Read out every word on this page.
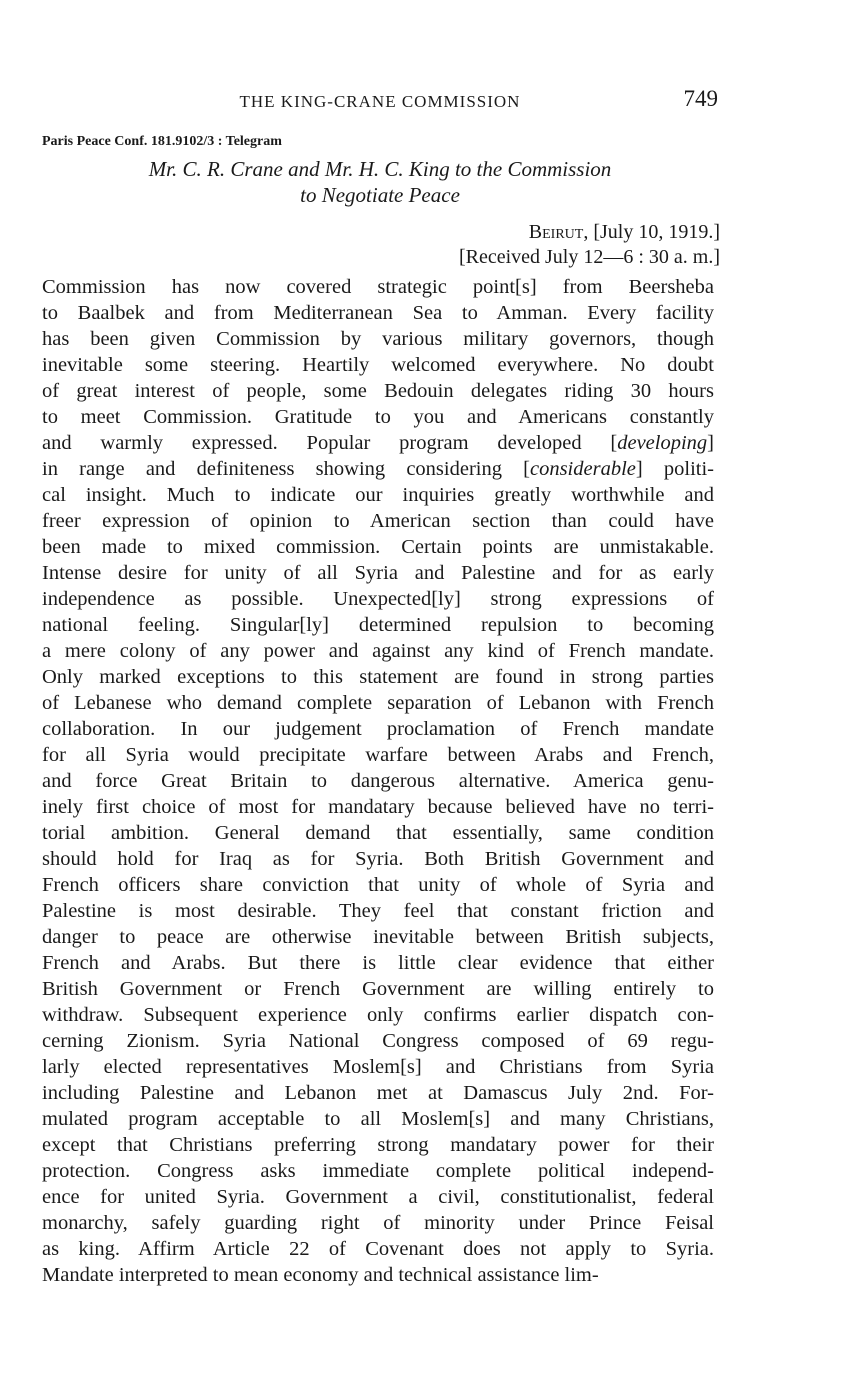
THE KING-CRANE COMMISSION	749
Paris Peace Conf. 181.9102/3 : Telegram
Mr. C. R. Crane and Mr. H. C. King to the Commission
to Negotiate Peace
Beirut, [July 10, 1919.]
[Received July 12—6 : 30 a. m.]
Commission has now covered strategic point[s] from Beersheba
to Baalbek and from Mediterranean Sea to Amman. Every facility
has been given Commission by various military governors, though
inevitable some steering. Heartily welcomed everywhere. No doubt
of great interest of people, some Bedouin delegates riding 30 hours
to meet Commission. Gratitude to you and Americans constantly
and warmly expressed. Popular program developed [developing]
in range and definiteness showing considering [considerable] politi-
cal insight. Much to indicate our inquiries greatly worthwhile and
freer expression of opinion to American section than could have
been made to mixed commission. Certain points are unmistakable.
Intense desire for unity of all Syria and Palestine and for as early
independence as possible. Unexpected[ly] strong expressions of
national feeling. Singular[ly] determined repulsion to becoming
a mere colony of any power and against any kind of French mandate.
Only marked exceptions to this statement are found in strong parties
of Lebanese who demand complete separation of Lebanon with French
collaboration. In our judgement proclamation of French mandate
for all Syria would precipitate warfare between Arabs and French,
and force Great Britain to dangerous alternative. America genu-
inely first choice of most for mandatary because believed have no terri-
torial ambition. General demand that essentially, same condition
should hold for Iraq as for Syria. Both British Government and
French officers share conviction that unity of whole of Syria and
Palestine is most desirable. They feel that constant friction and
danger to peace are otherwise inevitable between British subjects,
French and Arabs. But there is little clear evidence that either
British Government or French Government are willing entirely to
withdraw. Subsequent experience only confirms earlier dispatch con-
cerning Zionism. Syria National Congress composed of 69 regu-
larly elected representatives Moslem[s] and Christians from Syria
including Palestine and Lebanon met at Damascus July 2nd. For-
mulated program acceptable to all Moslem[s] and many Christians,
except that Christians preferring strong mandatary power for their
protection. Congress asks immediate complete political independ-
ence for united Syria. Government a civil, constitutionalist, federal
monarchy, safely guarding right of minority under Prince Feisal
as king. Affirm Article 22 of Covenant does not apply to Syria.
Mandate interpreted to mean economy and technical assistance lim-
